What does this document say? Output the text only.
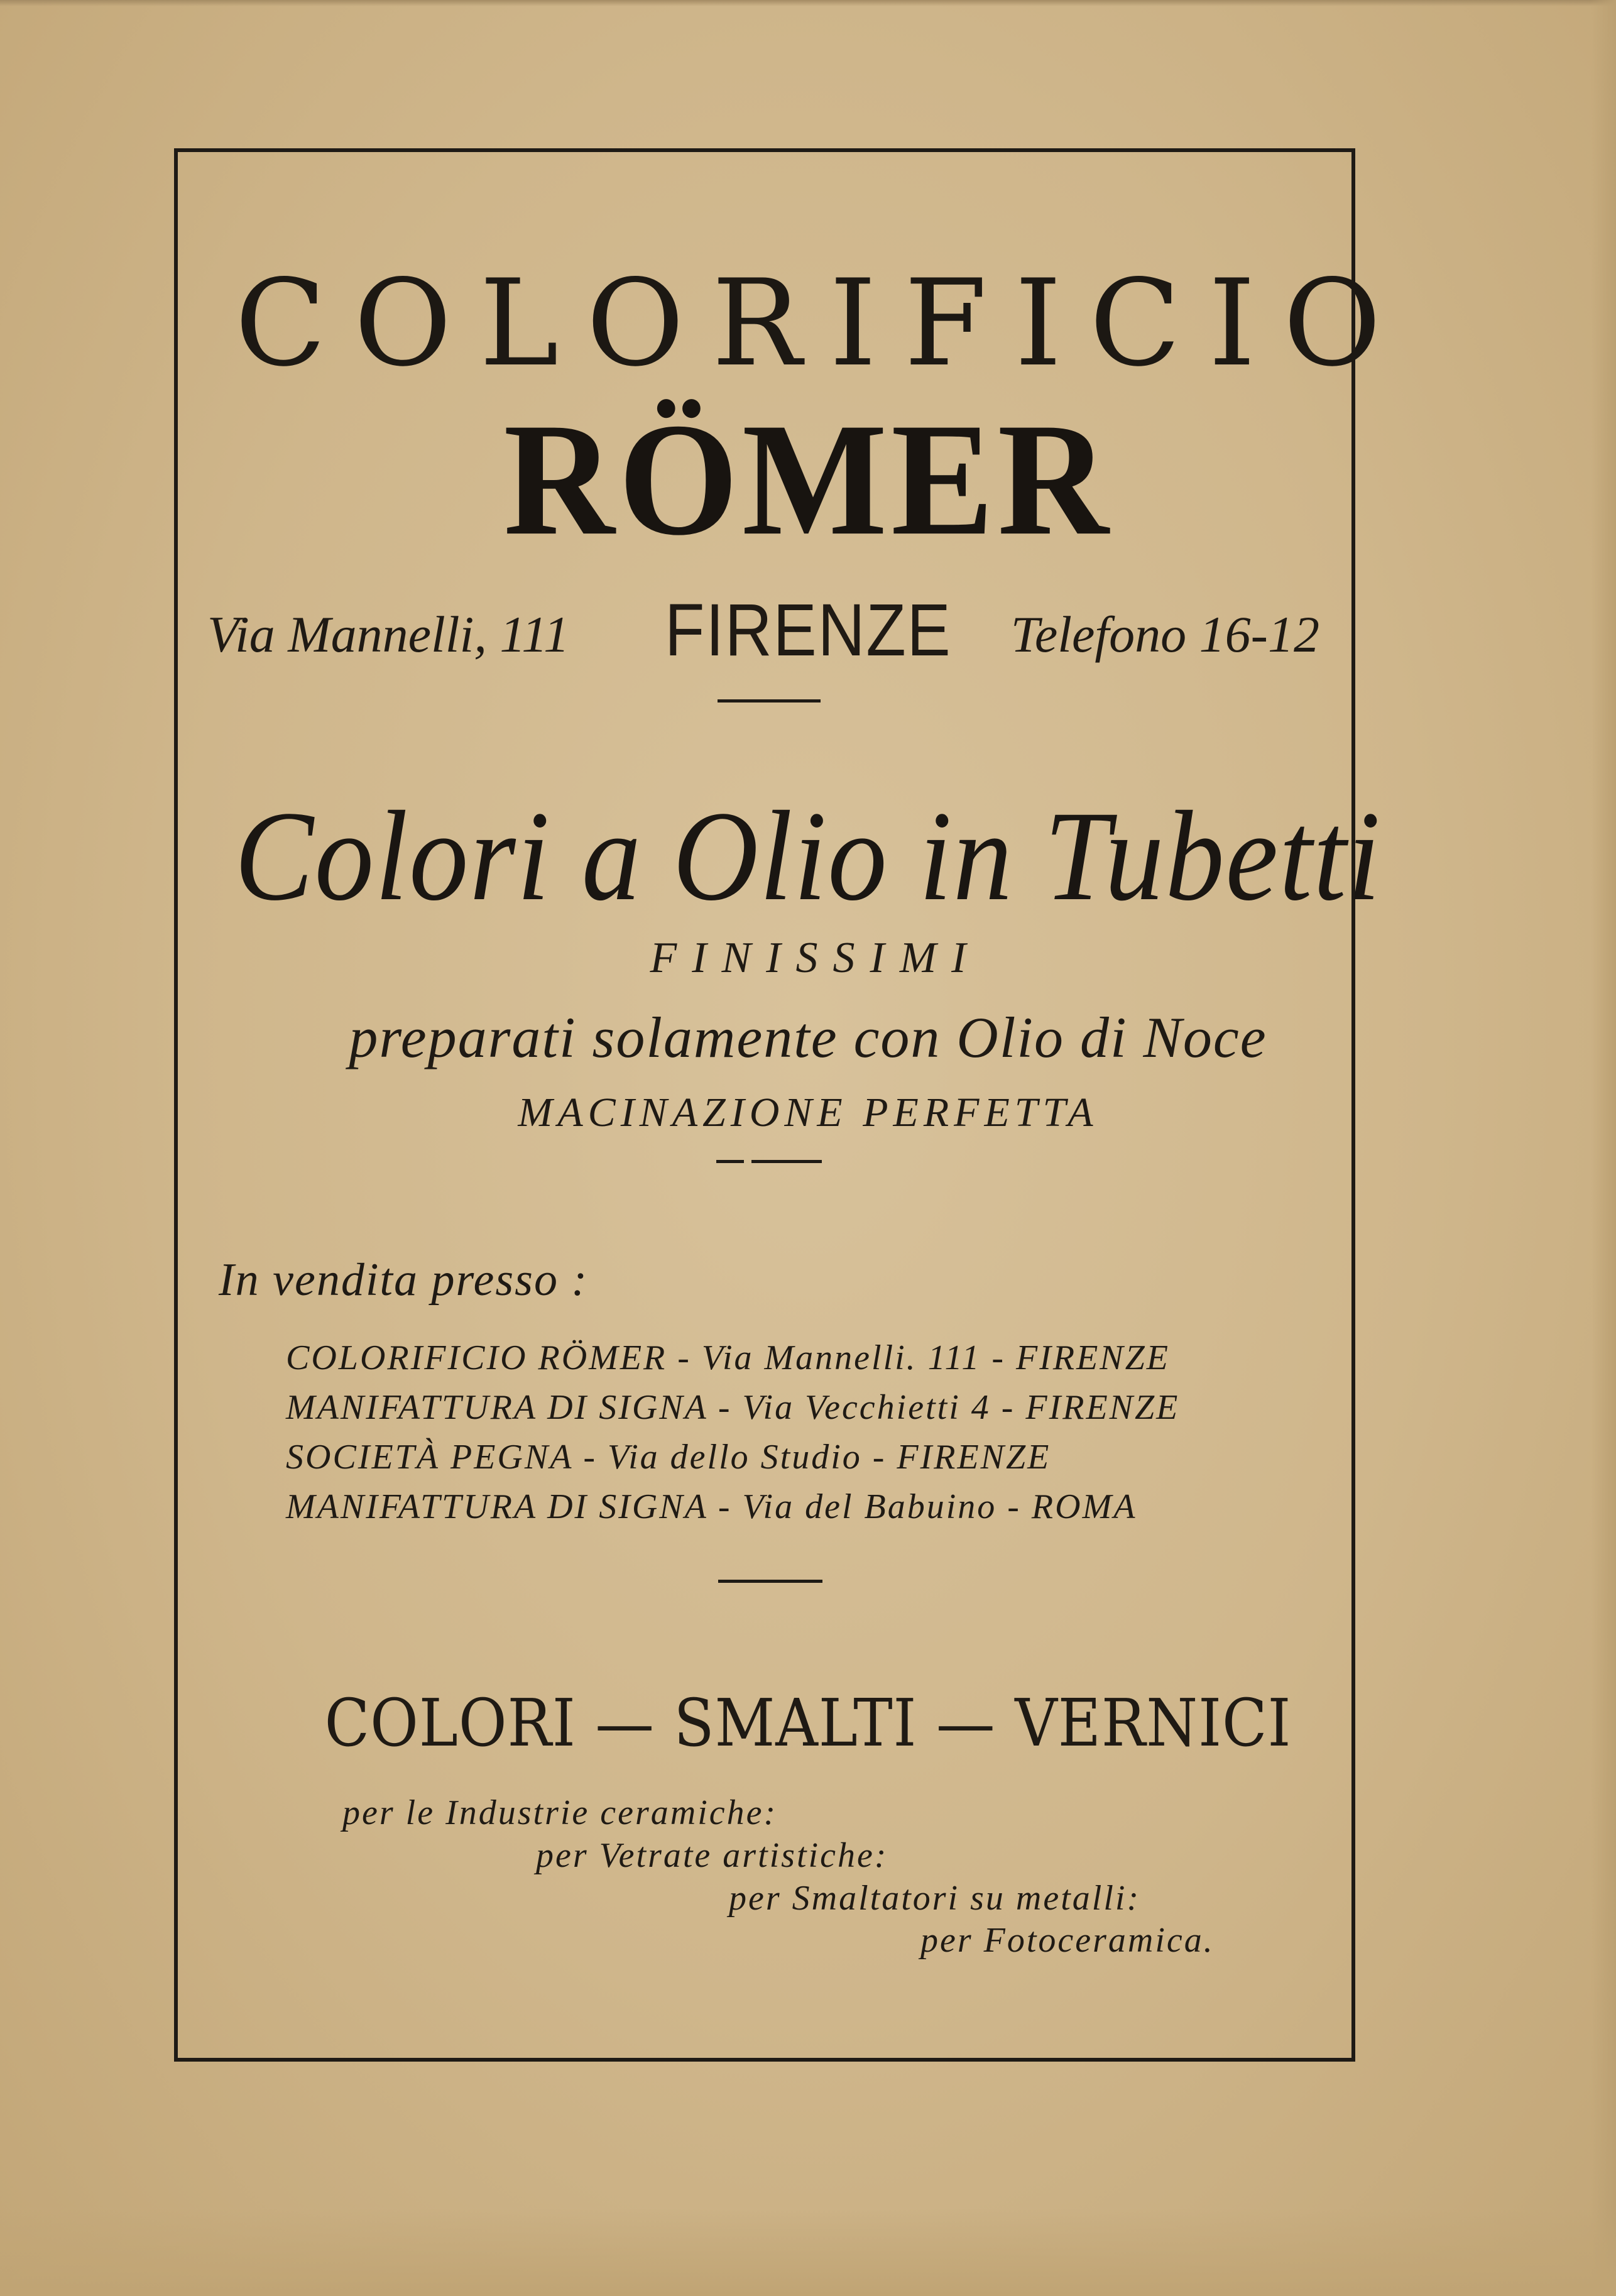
COLORIFICIO
RÖMER
Via Mannelli, 111 FIRENZE Telefono 16-12
Colori a Olio in Tubetti
FINISSIMI
preparati solamente con Olio di Noce
MACINAZIONE PERFETTA
In vendita presso :
COLORIFICIO RÖMER - Via Mannelli. 111 - FIRENZE
MANIFATTURA DI SIGNA - Via Vecchietti 4 - FIRENZE
SOCIETÀ PEGNA - Via dello Studio - FIRENZE
MANIFATTURA DI SIGNA - Via del Babuino - ROMA
COLORI — SMALTI — VERNICI
per le Industrie ceramiche:
per Vetrate artistiche:
per Smaltatori su metalli:
per Fotoceramica.
